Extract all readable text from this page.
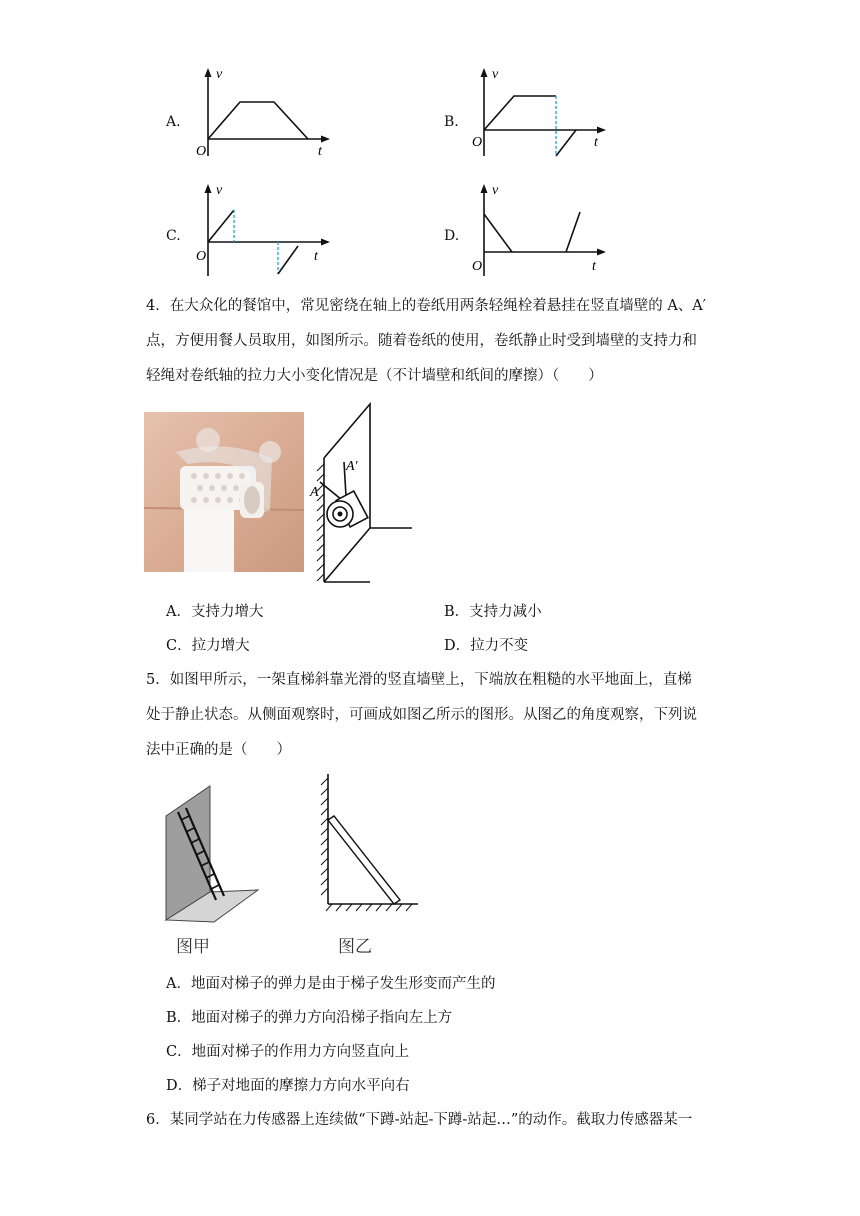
A.
v
t
O
B.
v
t
O
C.
v
t
O
D.
v
t
O
4．在大众化的餐馆中，常见密绕在轴上的卷纸用两条轻绳栓着悬挂在竖直墙壁的 A、A′
点，方便用餐人员取用，如图所示。随着卷纸的使用，卷纸静止时受到墙壁的支持力和
轻绳对卷纸轴的拉力大小变化情况是（不计墙壁和纸间的摩擦）（　　）
A
A′
A．支持力增大	B．支持力减小
C．拉力增大	D．拉力不变
5．如图甲所示，一架直梯斜靠光滑的竖直墙壁上，下端放在粗糙的水平地面上，直梯
处于静止状态。从侧面观察时，可画成如图乙所示的图形。从图乙的角度观察，下列说
法中正确的是（　　）
图甲	图乙
A．地面对梯子的弹力是由于梯子发生形变而产生的
B．地面对梯子的弹力方向沿梯子指向左上方
C．地面对梯子的作用力方向竖直向上
D．梯子对地面的摩擦力方向水平向右
6．某同学站在力传感器上连续做“下蹲-站起-下蹲-站起…”的动作。截取力传感器某一
